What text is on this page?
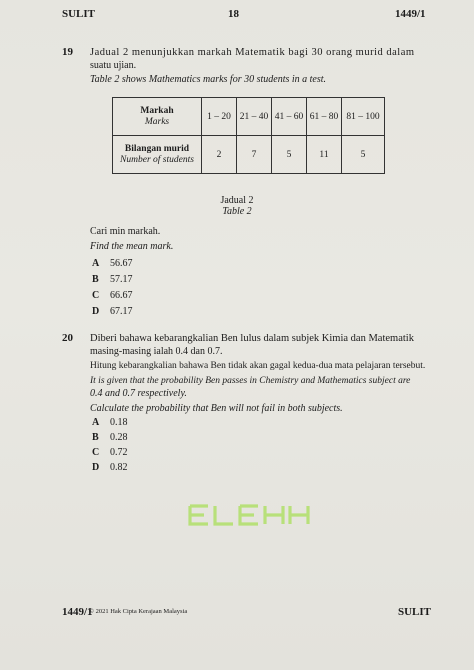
SULIT	18	1449/1
19 Jadual 2 menunjukkan markah Matematik bagi 30 orang murid dalam
suatu ujian.
Table 2 shows Mathematics marks for 30 students in a test.
Markah
Marks	1 – 20	21 – 40	41 – 60	61 – 80	81 – 100

Bilangan murid
Number of students	2	7	5	11	5
Jadual 2
Table 2
Cari min markah.
Find the mean mark.
A 56.67
B 57.17
C 66.67
D 67.17
20 Diberi bahawa kebarangkalian Ben lulus dalam subjek Kimia dan Matematik
masing-masing ialah 0.4 dan 0.7.
Hitung kebarangkalian bahawa Ben tidak akan gagal kedua-dua mata pelajaran tersebut.
It is given that the probability Ben passes in Chemistry and Mathematics subject are
0.4 and 0.7 respectively.
Calculate the probability that Ben will not fail in both subjects.
A 0.18
B 0.28
C 0.72
D 0.82
1449/1
© 2021 Hak Cipta Kerajaan Malaysia	SULIT
